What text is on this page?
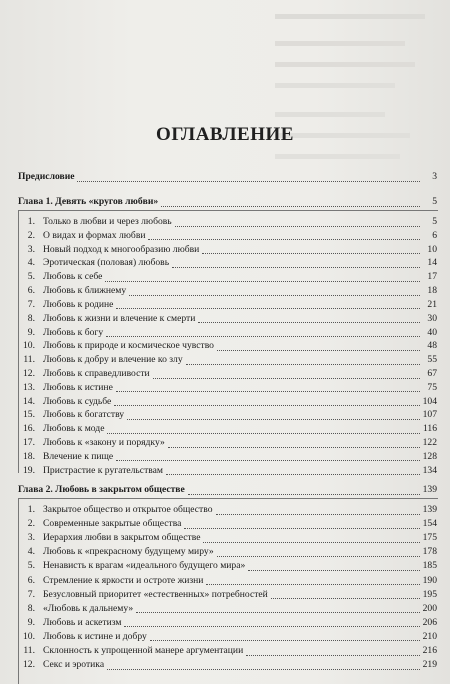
ОГЛАВЛЕНИЕ
Предисловие	3
Глава 1. Девять «кругов любви»	5
1. Только в любви и через любовь	5
2. О видах и формах любви	6
3. Новый подход к многообразию любви	10
4. Эротическая (половая) любовь	14
5. Любовь к себе	17
6. Любовь к ближнему	18
7. Любовь к родине	21
8. Любовь к жизни и влечение к смерти	30
9. Любовь к богу	40
10. Любовь к природе и космическое чувство	48
11. Любовь к добру и влечение ко злу	55
12. Любовь к справедливости	67
13. Любовь к истине	75
14. Любовь к судьбе	104
15. Любовь к богатству	107
16. Любовь к моде	116
17. Любовь к «закону и порядку»	122
18. Влечение к пище	128
19. Пристрастие к ругательствам	134
Глава 2. Любовь в закрытом обществе	139
1. Закрытое общество и открытое общество	139
2. Современные закрытые общества	154
3. Иерархия любви в закрытом обществе	175
4. Любовь к «прекрасному будущему миру»	178
5. Ненависть к врагам «идеального будущего мира»	185
6. Стремление к яркости и остроте жизни	190
7. Безусловный приоритет «естественных» потребностей	195
8. «Любовь к дальнему»	200
9. Любовь и аскетизм	206
10. Любовь к истине и добру	210
11. Склонность к упрощенной манере аргументации	216
12. Секс и эротика	219
